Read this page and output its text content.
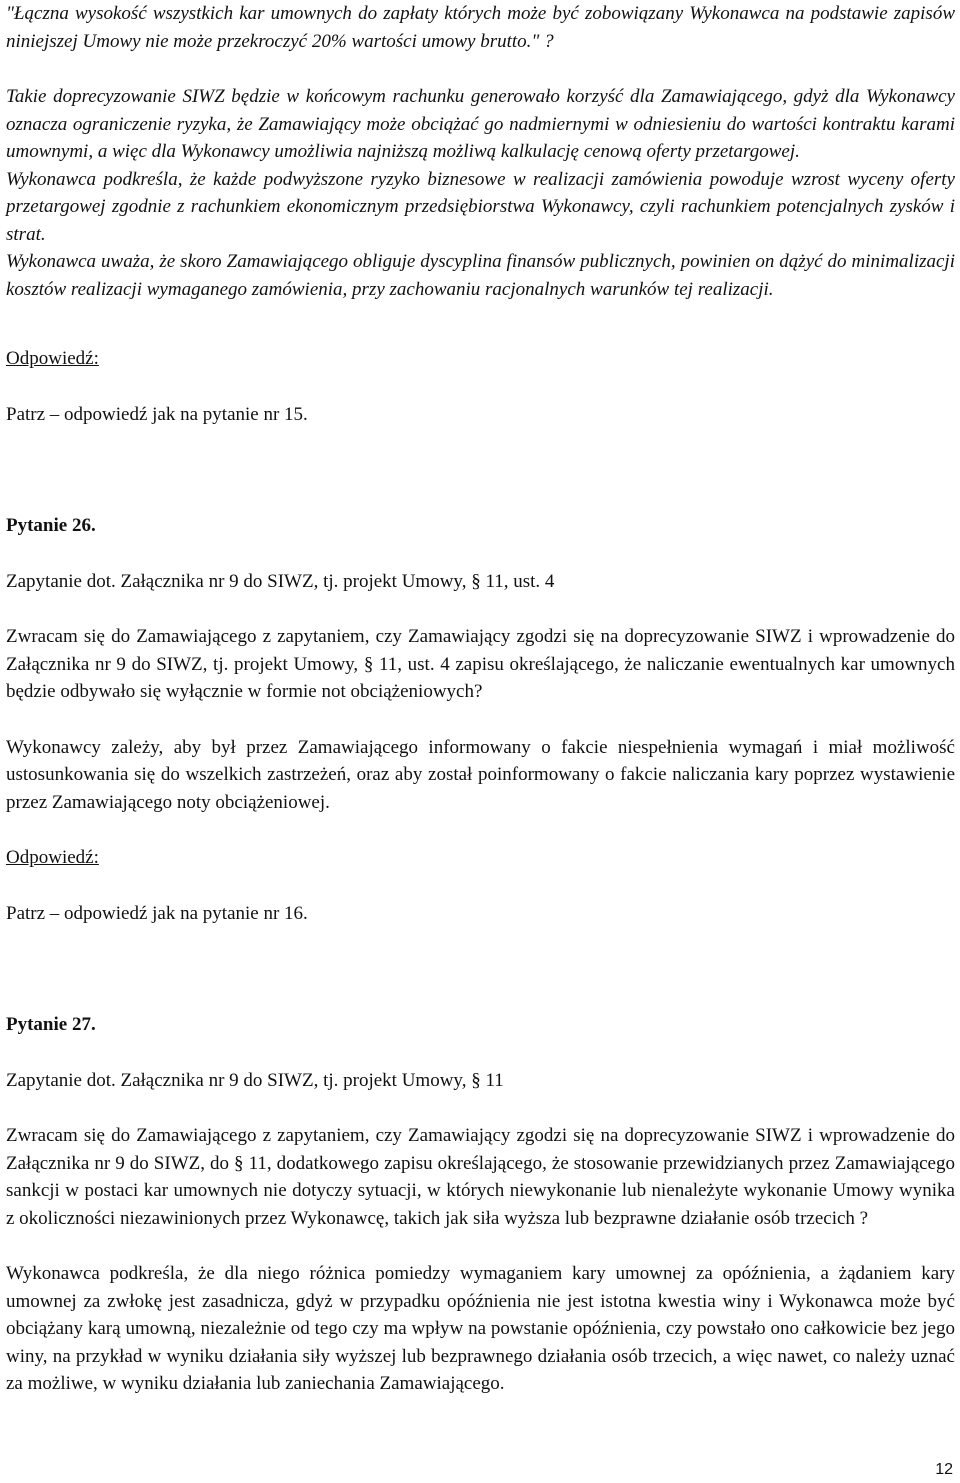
"Łączna wysokość wszystkich kar umownych do zapłaty których może być zobowiązany Wykonawca na podstawie zapisów niniejszej Umowy nie może przekroczyć 20% wartości umowy brutto." ?

Takie doprecyzowanie SIWZ będzie w końcowym rachunku generowało korzyść dla Zamawiającego, gdyż dla Wykonawcy oznacza ograniczenie ryzyka, że Zamawiający może obciążać go nadmiernymi w odniesieniu do wartości kontraktu karami umownymi, a więc dla Wykonawcy umożliwia najniższą możliwą kalkulację cenową oferty przetargowej.

Wykonawca podkreśla, że każde podwyższone ryzyko biznesowe w realizacji zamówienia powoduje wzrost wyceny oferty przetargowej zgodnie z rachunkiem ekonomicznym przedsiębiorstwa Wykonawcy, czyli rachunkiem potencjalnych zysków i strat.

Wykonawca uważa, że skoro Zamawiającego obliguje dyscyplina finansów publicznych, powinien on dążyć do minimalizacji kosztów realizacji wymaganego zamówienia, przy zachowaniu racjonalnych warunków tej realizacji.

Odpowiedź:

Patrz – odpowiedź jak na pytanie nr 15.

Pytanie 26.

Zapytanie dot. Załącznika nr 9 do SIWZ, tj. projekt Umowy, § 11, ust. 4

Zwracam się do Zamawiającego z zapytaniem, czy Zamawiający zgodzi się na doprecyzowanie SIWZ i wprowadzenie do Załącznika nr 9 do SIWZ, tj. projekt Umowy, § 11, ust. 4 zapisu określającego, że naliczanie ewentualnych kar umownych będzie odbywało się wyłącznie w formie not obciążeniowych?

Wykonawcy zależy, aby był przez Zamawiającego informowany o fakcie niespełnienia wymagań i miał możliwość ustosunkowania się do wszelkich zastrzeżeń, oraz aby został poinformowany o fakcie naliczania kary poprzez wystawienie przez Zamawiającego noty obciążeniowej.

Odpowiedź:

Patrz – odpowiedź jak na pytanie nr 16.

Pytanie 27.

Zapytanie dot. Załącznika nr 9 do SIWZ, tj. projekt Umowy, § 11

Zwracam się do Zamawiającego z zapytaniem, czy Zamawiający zgodzi się na doprecyzowanie SIWZ i wprowadzenie do Załącznika nr 9 do SIWZ, do § 11, dodatkowego zapisu określającego, że stosowanie przewidzianych przez Zamawiającego sankcji w postaci kar umownych nie dotyczy sytuacji, w których niewykonanie lub nienależyte wykonanie Umowy wynika z okoliczności niezawinionych przez Wykonawcę, takich jak siła wyższa lub bezprawne działanie osób trzecich ?

Wykonawca podkreśla, że dla niego różnica pomiedzy wymaganiem kary umownej za opóźnienia, a żądaniem kary umownej za zwłokę jest zasadnicza, gdyż w przypadku opóźnienia nie jest istotna kwestia winy i Wykonawca może być obciążany karą umowną, niezależnie od tego czy ma wpływ na powstanie opóźnienia, czy powstało ono całkowicie bez jego winy, na przykład w wyniku działania siły wyższej lub bezprawnego działania osób trzecich, a więc nawet, co należy uznać za możliwe, w wyniku działania lub zaniechania Zamawiającego.

12
